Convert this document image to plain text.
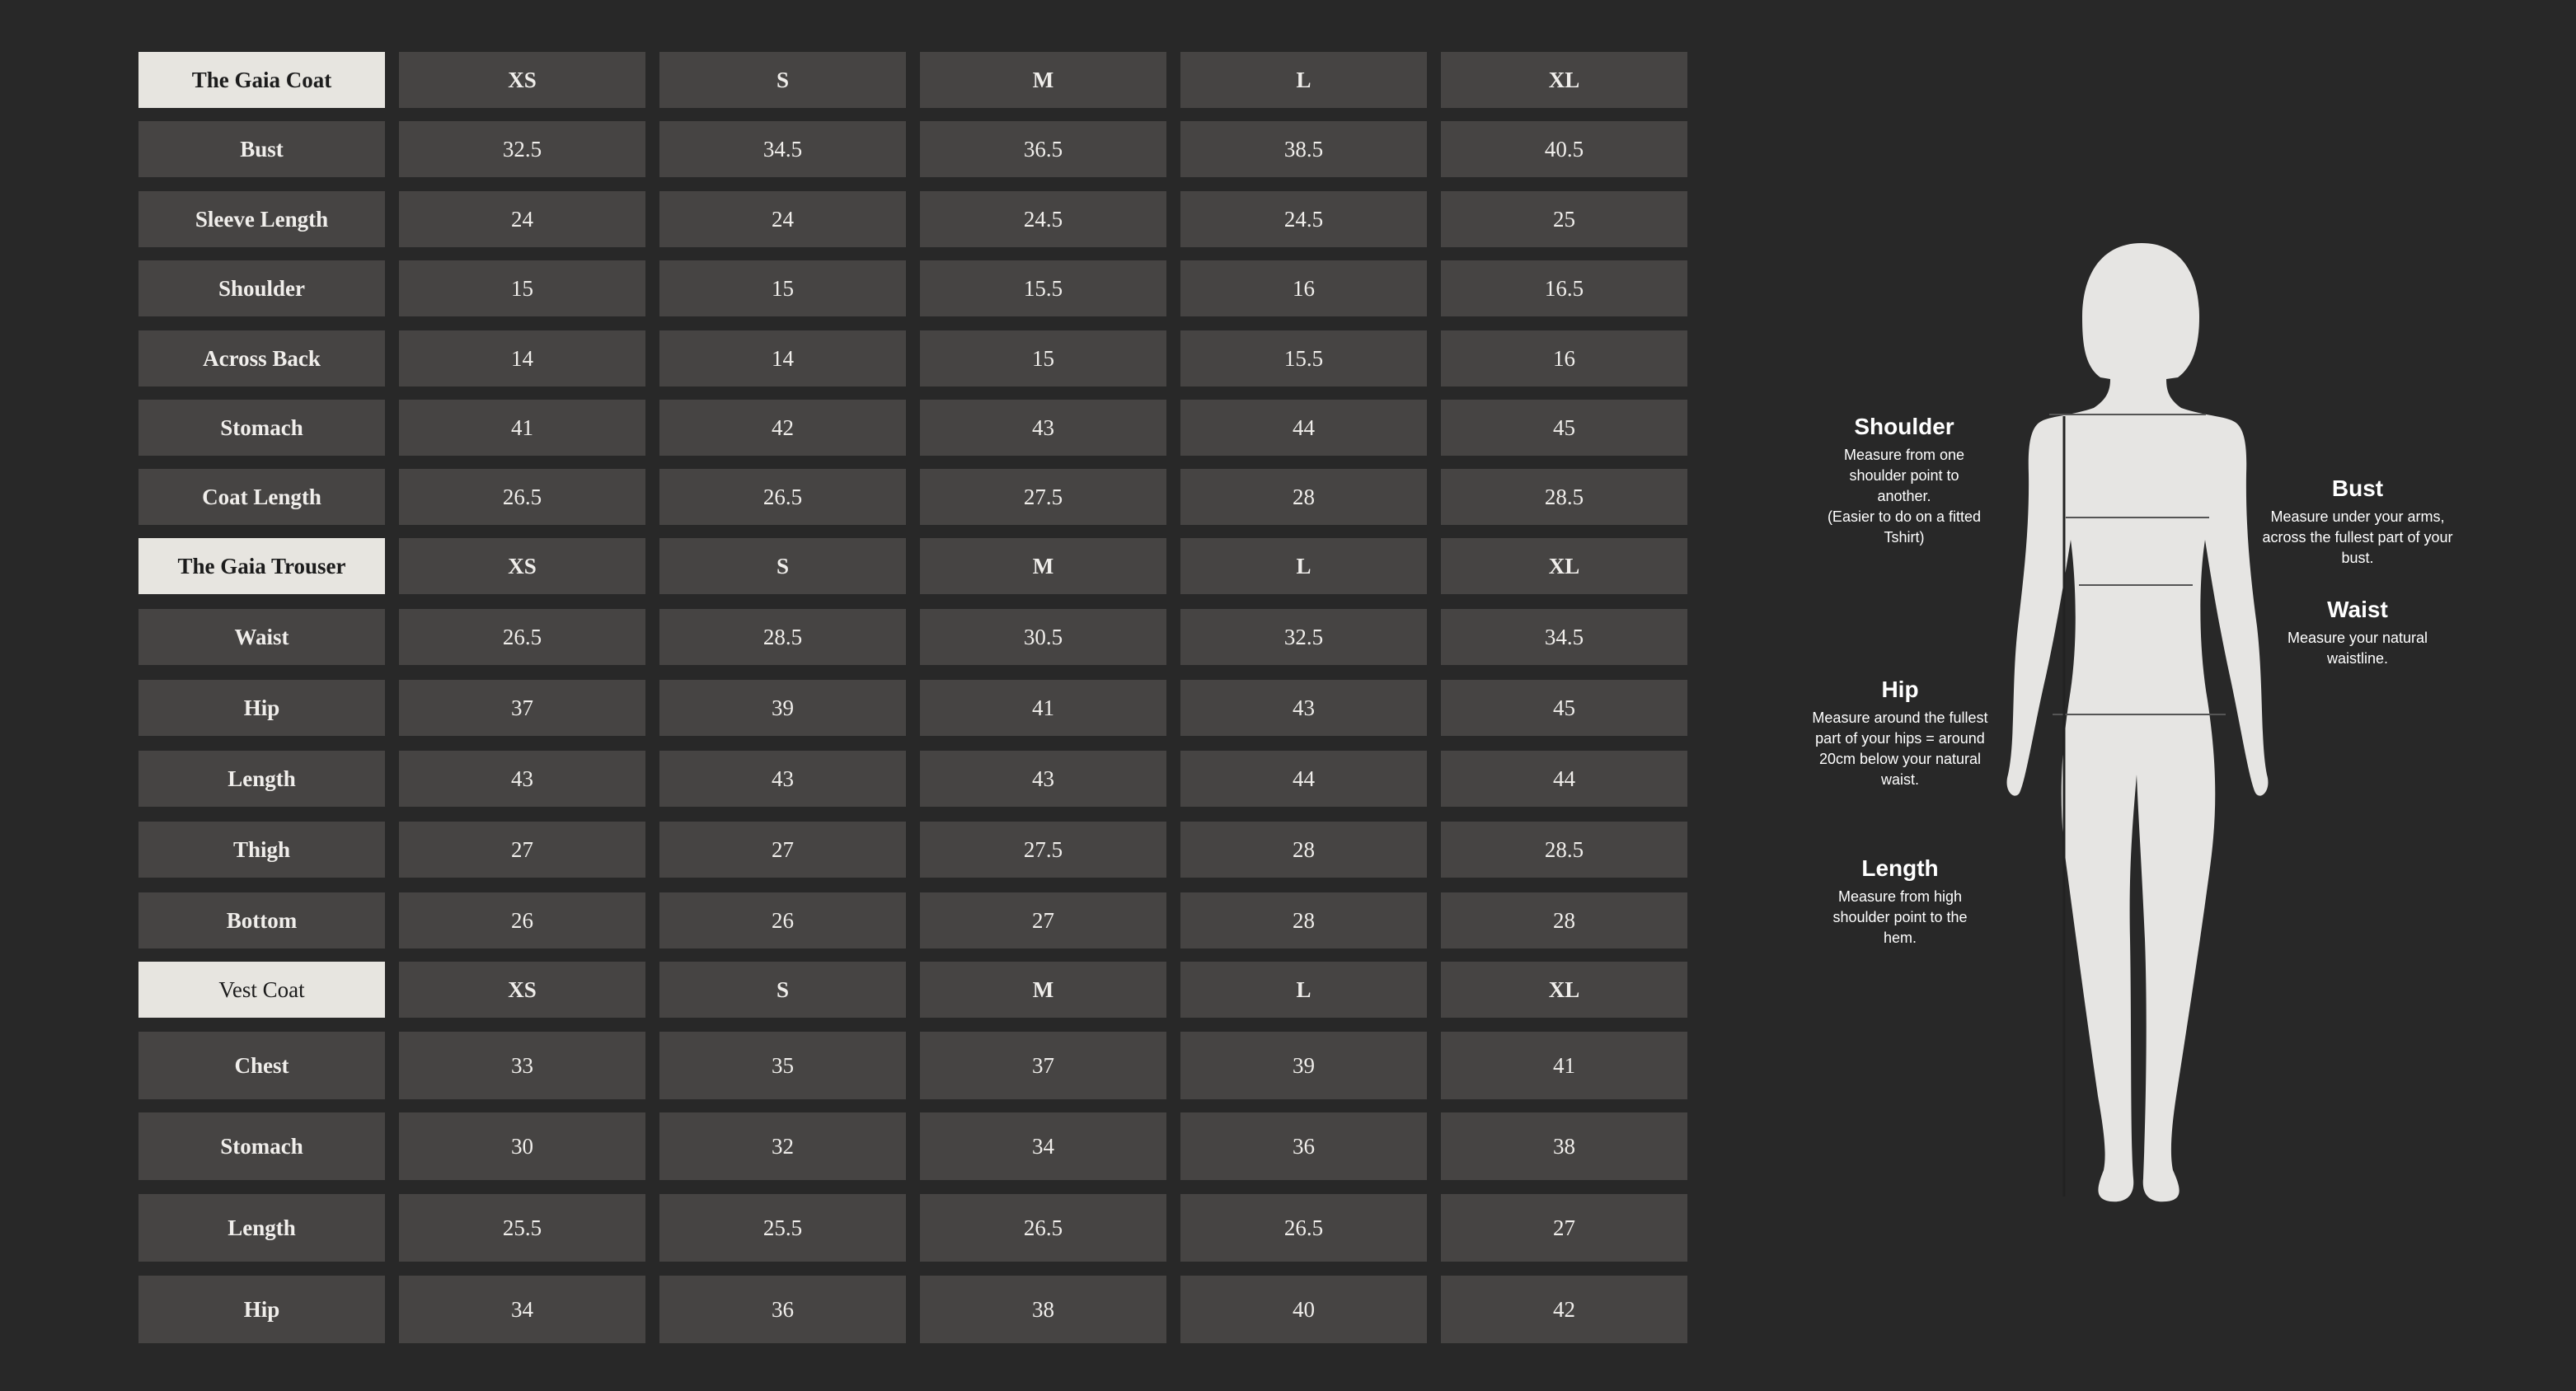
The Gaia Coat	XS	S	M	L	XL
Bust	32.5	34.5	36.5	38.5	40.5
Sleeve Length	24	24	24.5	24.5	25
Shoulder	15	15	15.5	16	16.5
Across Back	14	14	15	15.5	16
Stomach	41	42	43	44	45
Coat Length	26.5	26.5	27.5	28	28.5
The Gaia Trouser	XS	S	M	L	XL
Waist	26.5	28.5	30.5	32.5	34.5
Hip	37	39	41	43	45
Length	43	43	43	44	44
Thigh	27	27	27.5	28	28.5
Bottom	26	26	27	28	28
Vest Coat	XS	S	M	L	XL
Chest	33	35	37	39	41
Stomach	30	32	34	36	38
Length	25.5	25.5	26.5	26.5	27
Hip	34	36	38	40	42
Shoulder
Measure from one
shoulder point to
another.
(Easier to do on a fitted
Tshirt)
Bust
Measure under your arms,
across the fullest part of your
bust.
Waist
Measure your natural
waistline.
Hip
Measure around the fullest
part of your hips = around
20cm below your natural
waist.
Length
Measure from high
shoulder point to the
hem.
